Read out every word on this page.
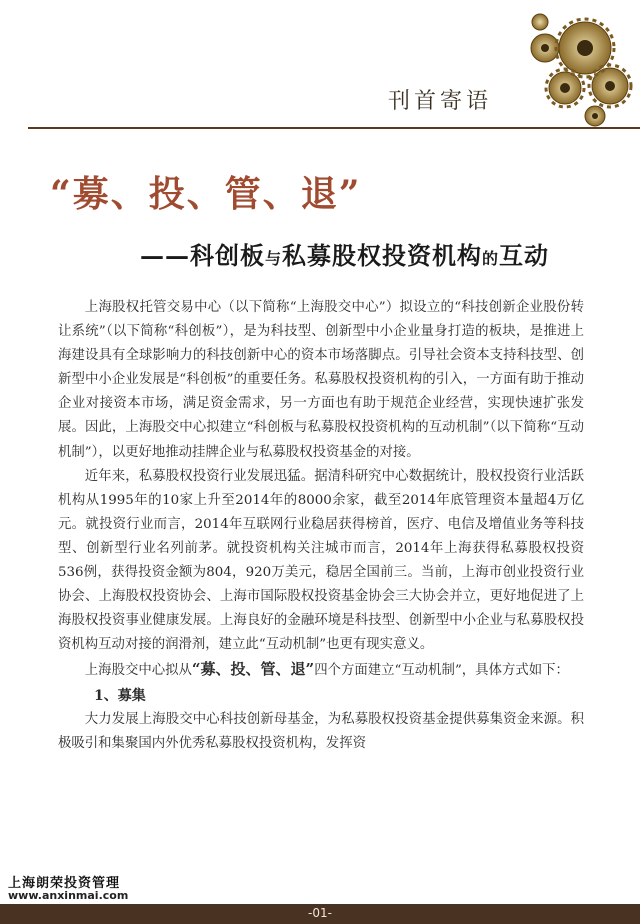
刊首寄语
“募、投、管、退”
——科创板与私募股权投资机构的互动

上海股权托管交易中心（以下简称“上海股交中心”）拟设立的“科技创新企业股份转让系统”（以下简称“科创板”），是为科技型、创新型中小企业量身打造的板块，是推进上海建设具有全球影响力的科技创新中心的资本市场落脚点。引导社会资本支持科技型、创新型中小企业发展是“科创板”的重要任务。私募股权投资机构的引入，一方面有助于推动企业对接资本市场，满足资金需求，另一方面也有助于规范企业经营，实现快速扩张发展。因此，上海股交中心拟建立“科创板与私募股权投资机构的互动机制”（以下简称“互动机制”），以更好地推动挂牌企业与私募股权投资基金的对接。

近年来，私募股权投资行业发展迅猛。据清科研究中心数据统计，股权投资行业活跃机构从1995年的10家上升至2014年的8000余家，截至2014年底管理资本量超4万亿元。就投资行业而言，2014年互联网行业稳居获得榜首，医疗、电信及增值业务等科技型、创新型行业名列前茅。就投资机构关注城市而言，2014年上海获得私募股权投资536例，获得投资金额为804，920万美元，稳居全国前三。当前，上海市创业投资行业协会、上海股权投资协会、上海市国际股权投资基金协会三大协会并立，更好地促进了上海股权投资事业健康发展。上海良好的金融环境是科技型、创新型中小企业与私募股权投资机构互动对接的润滑剂，建立此“互动机制”也更有现实意义。

上海股交中心拟从“募、投、管、退”四个方面建立“互动机制”，具体方式如下：

1、募集

大力发展上海股交中心科技创新母基金，为私募股权投资基金提供募集资金来源。积极吸引和集聚国内外优秀私募股权投资机构，发挥资

上海朗荣投资管理
www.anxinmai.com
-01-
